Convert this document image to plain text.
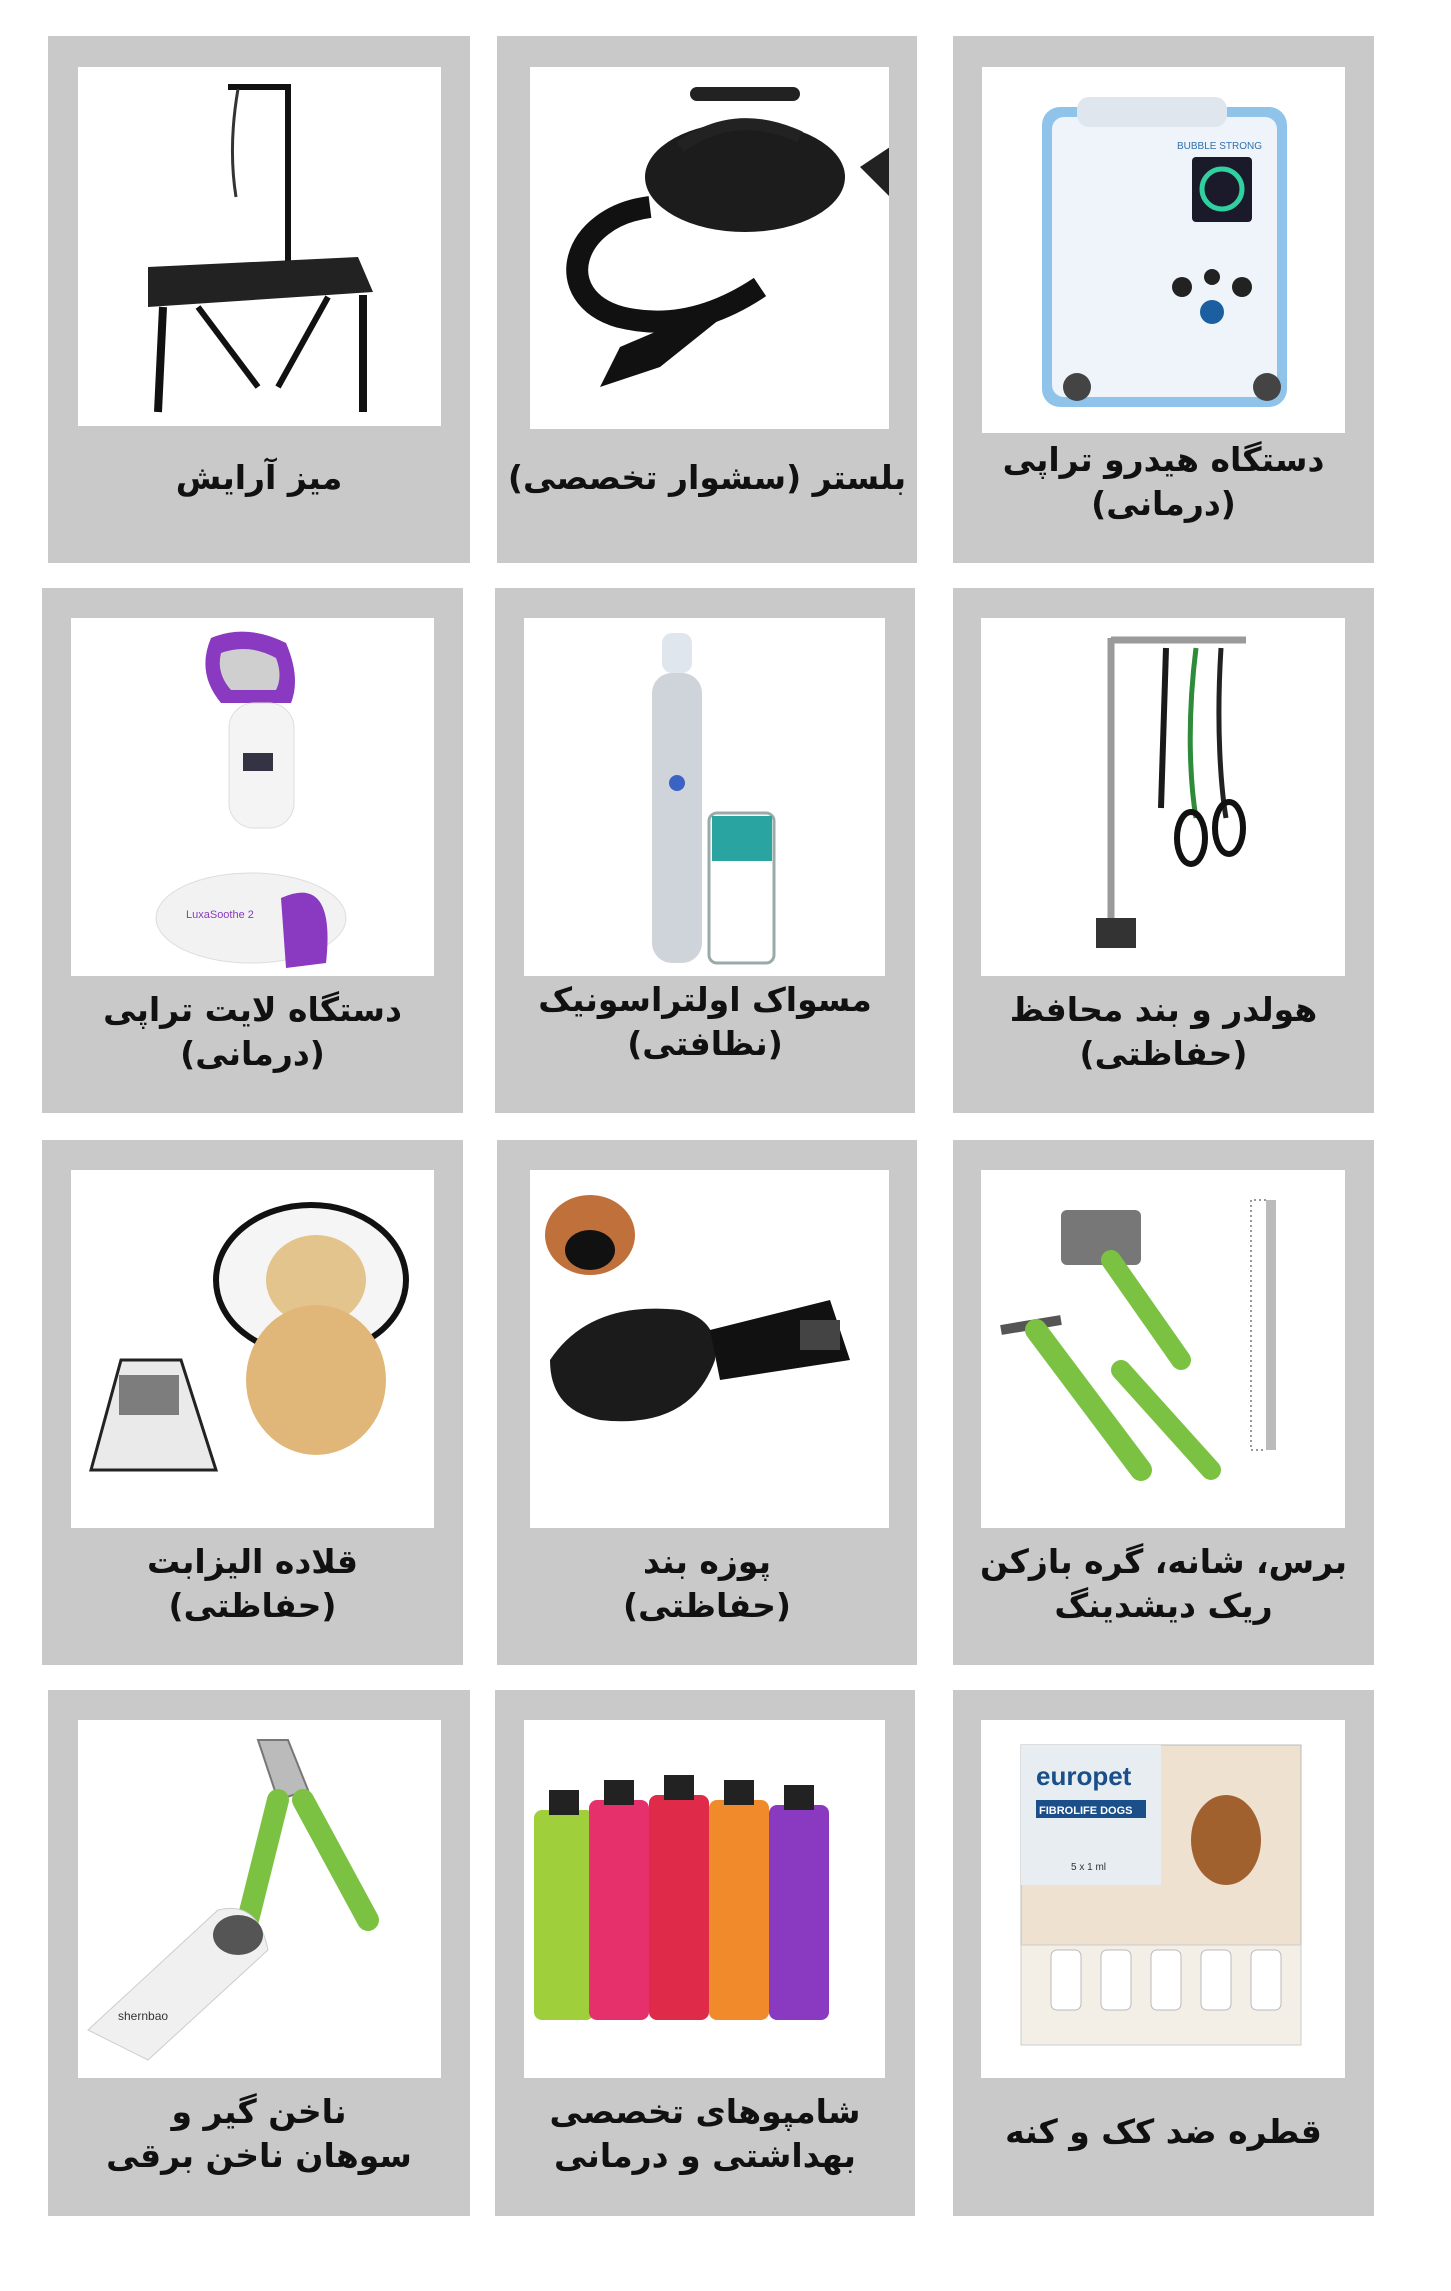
BUBBLE STRONG
دستگاه هیدرو تراپی
(درمانی)
بلستر (سشوار تخصصی)
میز آرایش
هولدر و بند محافظ
(حفاظتی)
مسواک اولتراسونیک
(نظافتی)
LuxaSoothe 2
دستگاه لایت تراپی
(درمانی)
برس، شانه، گره بازکن
ریک دیشدینگ
پوزه بند
(حفاظتی)
قلاده الیزابت
(حفاظتی)
europet
FIBROLIFE DOGS
5 x 1 ml
قطره ضد کک و کنه
شامپوهای تخصصی
بهداشتی و درمانی
shernbao
ناخن گیر و
سوهان ناخن برقی
